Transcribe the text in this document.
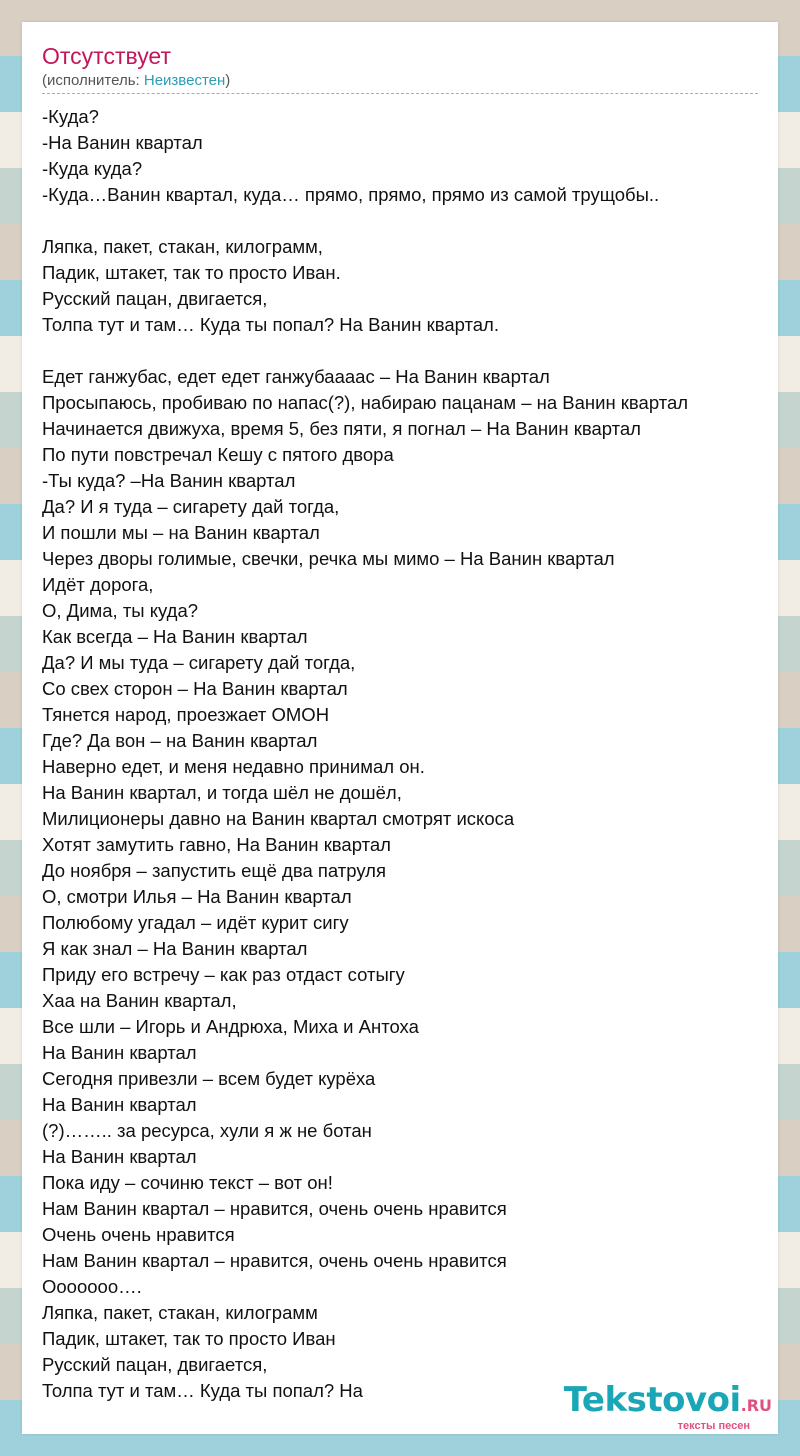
Отсутствует
(исполнитель: Неизвестен)
-Куда?
-На Ванин квартал
-Куда куда?
-Куда…Ванин квартал, куда… прямо, прямо, прямо из самой трущобы..
Ляпка, пакет, стакан, килограмм,
Падик, штакет, так то просто Иван.
Русский пацан, двигается,
Толпа тут и там… Куда ты попал? На Ванин квартал.
Едет ганжубас, едет едет ганжубаааас – На Ванин квартал
Просыпаюсь, пробиваю по напас(?), набираю пацанам – на Ванин квартал
Начинается движуха, время 5, без пяти, я погнал – На Ванин квартал
По пути повстречал Кешу с пятого двора
-Ты куда? –На Ванин квартал
Да? И я туда – сигарету дай тогда,
И пошли мы – на Ванин квартал
Через дворы голимые, свечки, речка мы мимо – На Ванин квартал
Идёт дорога,
О, Дима, ты куда?
Как всегда – На Ванин квартал
Да? И мы туда – сигарету дай тогда,
Со свех сторон – На Ванин квартал
Тянется народ, проезжает ОМОН
Где? Да вон – на Ванин квартал
Наверно едет, и меня недавно принимал он.
На Ванин квартал, и тогда шёл не дошёл,
Милиционеры давно на Ванин квартал смотрят искоса
Хотят замутить гавно, На Ванин квартал
До ноября – запустить ещё два патруля
О, смотри Илья – На Ванин квартал
Полюбому угадал – идёт курит сигу
Я как знал – На Ванин квартал
Приду его встречу – как раз отдаст сотыгу
Хаа на Ванин квартал,
Все шли – Игорь и Андрюха, Миха и Антоха
На Ванин квартал
Сегодня привезли – всем будет курёха
На Ванин квартал
(?)…….. за ресурса, хули я ж не ботан
На Ванин квартал
Пока иду – сочиню текст – вот он!
Нам Ванин квартал – нравится, очень очень нравится
Очень очень нравится
Нам Ванин квартал – нравится, очень очень нравится
Ооооооо….
Ляпка, пакет, стакан, килограмм
Падик, штакет, так то просто Иван
Русский пацан, двигается,
Толпа тут и там… Куда ты попал? На	Tekstovoi.RU
тексты песен
